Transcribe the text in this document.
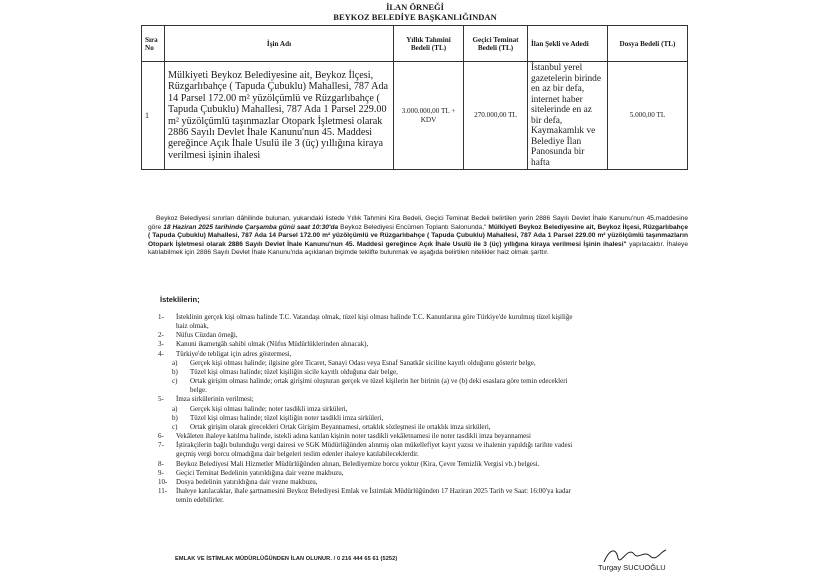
İLAN ÖRNEĞİ
BEYKOZ BELEDİYE BAŞKANLIĞINDAN
Sıra No	İşin Adı	Yıllık Tahmini Bedeli (TL)	Geçici Teminat Bedeli (TL)	İlan Şekli ve Adedi	Dosya Bedeli (TL)
1	Mülkiyeti Beykoz Belediyesine ait, Beykoz İlçesi, Rüzgarlıbahçe ( Tapuda Çubuklu) Mahallesi, 787 Ada 14 Parsel 172.00 m² yüzölçümlü ve Rüzgarlıbahçe ( Tapuda Çubuklu) Mahallesi, 787 Ada 1 Parsel 229.00 m² yüzölçümlü taşınmazlar Otopark İşletmesi olarak 2886 Sayılı Devlet İhale Kanunu'nun 45. Maddesi gereğince Açık İhale Usulü ile 3 (üç) yıllığına kiraya verilmesi işinin ihalesi	3.000.000,00 TL + KDV	270.000,00 TL	İstanbul yerel gazetelerin birinde en az bir defa, internet haber sitelerinde en az bir defa, Kaymakamlık ve Belediye İlan Panosunda bir hafta	5.000,00 TL
Beykoz Belediyesi sınırları dâhilinde bulunan, yukarıdaki listede Yıllık Tahmini Kira Bedeli, Geçici Teminat Bedeli belirtilen yerin 2886 Sayılı Devlet İhale Kanunu'nun 45.maddesine göre 18 Haziran 2025 tarihinde Çarşamba günü saat 10:30'da Beykoz Belediyesi Encümen Toplantı Salonunda," Mülkiyeti Beykoz Belediyesine ait, Beykoz İlçesi, Rüzgarlıbahçe ( Tapuda Çubuklu) Mahallesi, 787 Ada 14 Parsel 172.00 m² yüzölçümlü ve Rüzgarlıbahçe ( Tapuda Çubuklu) Mahallesi, 787 Ada 1 Parsel 229.00 m² yüzölçümlü taşınmazların Otopark İşletmesi olarak 2886 Sayılı Devlet İhale Kanunu'nun 45. Maddesi gereğince Açık İhale Usulü ile 3 (üç) yıllığına kiraya verilmesi İşinin ihalesi" yapılacaktır. İhaleye katılabilmek için 2886 Sayılı Devlet İhale Kanunu'nda açıklanan biçimde teklifte bulunmak ve aşağıda belirtilen nitelikler haiz olmak şarttır.
İsteklilerin;
1- İsteklinin gerçek kişi olması halinde T.C. Vatandaşı olmak, tüzel kişi olması halinde T.C. Kanunlarına göre Türkiye'de kurulmuş tüzel kişiliğe
haiz olmak,
2- Nüfus Cüzdan örneği,
3- Kanuni ikametgâh sahibi olmak (Nüfus Müdürlüklerinden alınacak),
4- Türkiye'de tebligat için adres göstermesi,
a) Gerçek kişi olması halinde; ilgisine göre Ticaret, Sanayi Odası veya Esnaf Sanatkâr siciline kayıtlı olduğunu gösterir belge,
b) Tüzel kişi olması halinde; tüzel kişiliğin sicile kayıtlı olduğuna dair belge,
c) Ortak girişim olması halinde; ortak girişimi oluşturan gerçek ve tüzel kişilerin her birinin (a) ve (b) deki esaslara göre temin edecekleri
belge.
5- İmza sirkülerinin verilmesi;
a) Gerçek kişi olması halinde; noter tasdikli imza sirküleri,
b) Tüzel kişi olması halinde; tüzel kişiliğin noter tasdikli imza sirküleri,
c) Ortak girişim olarak girecekleri Ortak Girişim Beyannamesi, ortaklık sözleşmesi ile ortaklık imza sirküleri,
6- Vekâleten ihaleye katılma halinde, istekli adına katılan kişinin noter tasdikli vekâletnamesi ile noter tasdikli imza beyannamesi
7- İştirakçilerin bağlı bulunduğu vergi dairesi ve SGK Müdürlüğünden alınmış olan mükellefiyet kayıt yazısı ve ihalenin yapıldığı tarihte vadesi
geçmiş vergi borcu olmadığına dair belgeleri teslim edenler ihaleye katılabileceklerdir.
8- Beykoz Belediyesi Mali Hizmetler Müdürlüğünden alınan, Belediyemize borcu yoktur (Kira, Çevre Temizlik Vergisi vb.) belgesi.
9- Geçici Teminat Bedelinin yatırıldığına dair vezne makbuzu,
10- Dosya bedelinin yatırıldığına dair vezne makbuzu,
11- İhaleye katılacaklar, ihale şartnamesini Beykoz Belediyesi Emlak ve İstimlak Müdürlüğünden 17 Haziran 2025 Tarih ve Saat: 16:00'ya kadar
temin edebilirler.
EMLAK VE İSTİMLAK MÜDÜRLÜĞÜNDEN İLAN OLUNUR. / 0 216 444 65 61 (5252)
Turgay SUCUOĞLU
